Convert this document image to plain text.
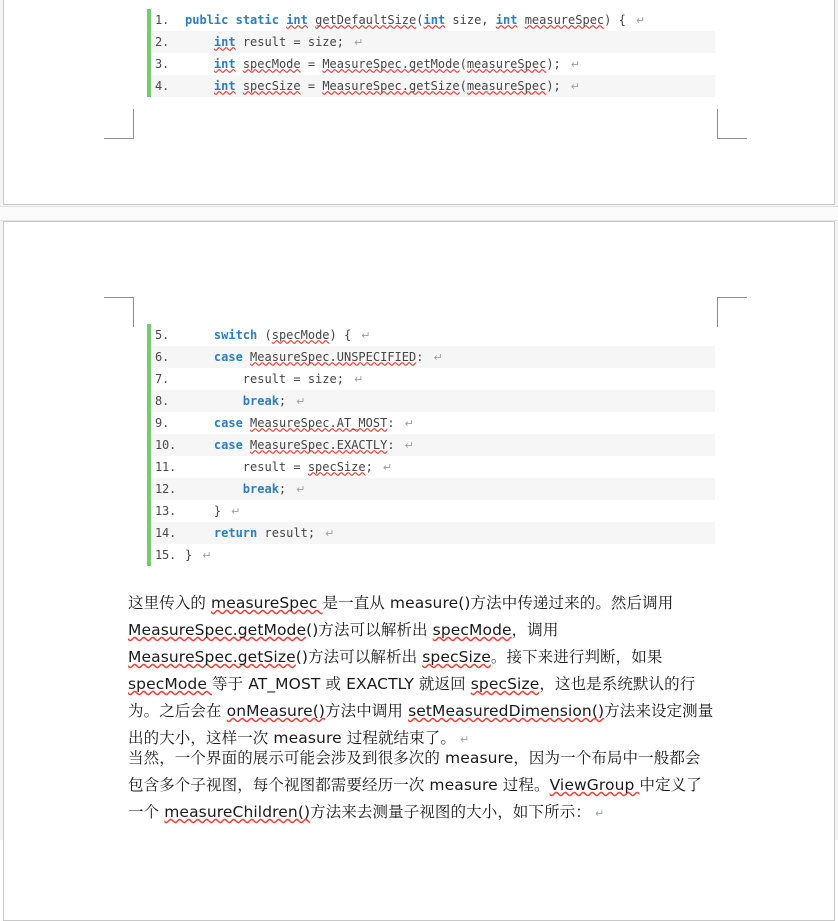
1.	public static int getDefaultSize(int size, int measureSpec) { ↵
2.	int result = size; ↵
3.	int specMode = MeasureSpec.getMode(measureSpec); ↵
4.	int specSize = MeasureSpec.getSize(measureSpec); ↵
5.	switch (specMode) { ↵
6.	case MeasureSpec.UNSPECIFIED: ↵
7.	result = size; ↵
8.	break; ↵
9.	case MeasureSpec.AT_MOST: ↵
10.	case MeasureSpec.EXACTLY: ↵
11.	result = specSize; ↵
12.	break; ↵
13.	} ↵
14.	return result; ↵
15. } ↵
这里传入的 measureSpec 是一直从 measure()方法中传递过来的。然后调用 MeasureSpec.getMode()方法可以解析出 specMode，调用 MeasureSpec.getSize()方法可以解析出 specSize。接下来进行判断，如果 specMode 等于 AT_MOST 或 EXACTLY 就返回 specSize，这也是系统默认的行为。之后会在 onMeasure()方法中调用 setMeasuredDimension()方法来设定测量出的大小，这样一次 measure 过程就结束了。 ↵
当然，一个界面的展示可能会涉及到很多次的 measure，因为一个布局中一般都会包含多个子视图，每个视图都需要经历一次 measure 过程。ViewGroup 中定义了一个 measureChildren()方法来去测量子视图的大小，如下所示： ↵
